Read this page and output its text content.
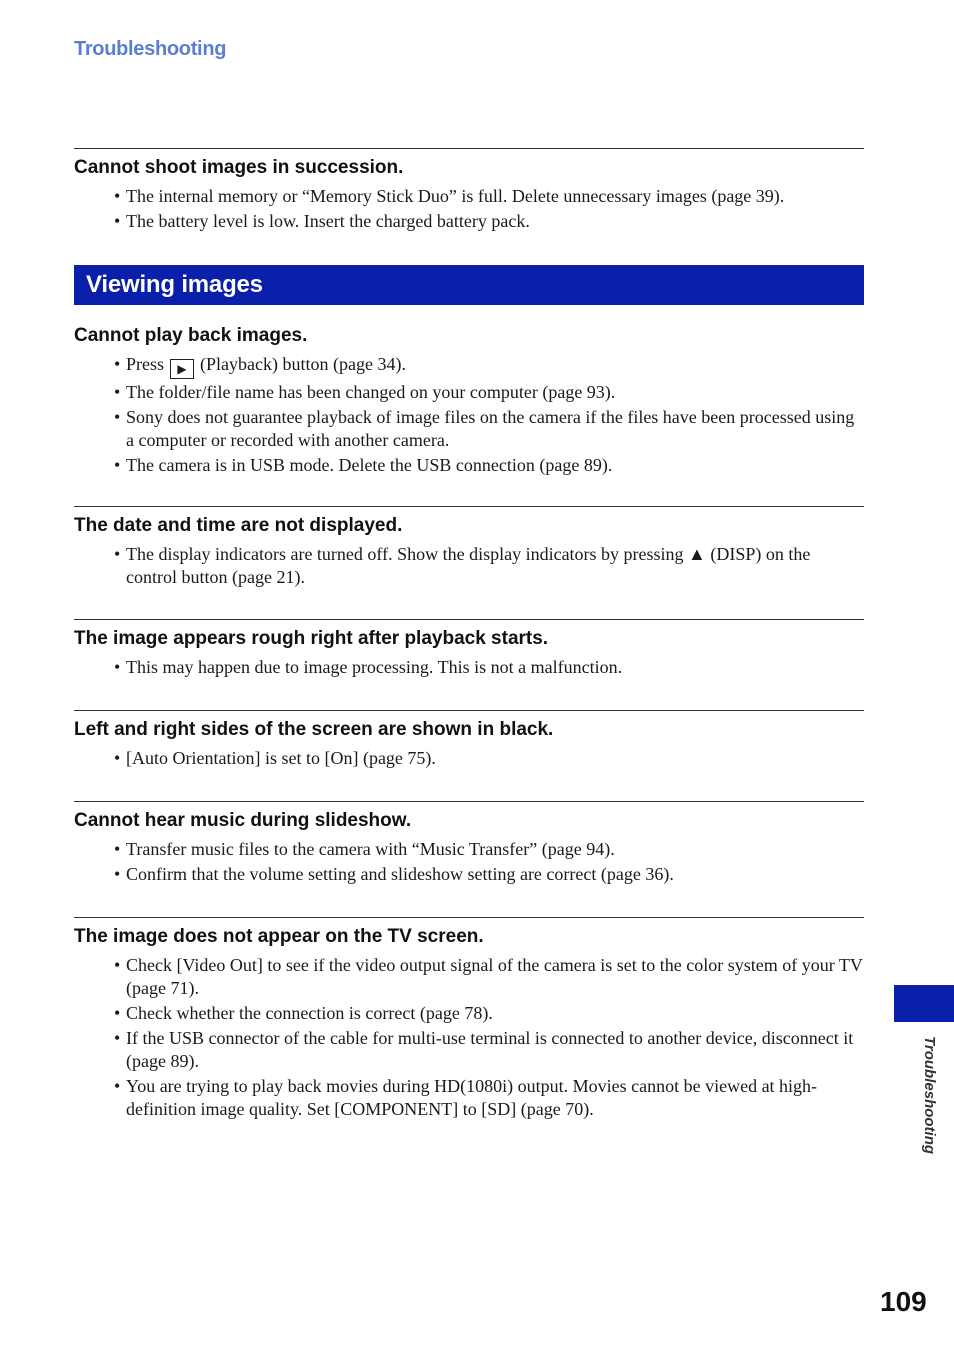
Troubleshooting
Cannot shoot images in succession.
• The internal memory or “Memory Stick Duo” is full. Delete unnecessary images (page 39).
• The battery level is low. Insert the charged battery pack.
Viewing images
Cannot play back images.
• Press ▶ (Playback) button (page 34).
• The folder/file name has been changed on your computer (page 93).
• Sony does not guarantee playback of image files on the camera if the files have been processed using a computer or recorded with another camera.
• The camera is in USB mode. Delete the USB connection (page 89).
The date and time are not displayed.
• The display indicators are turned off. Show the display indicators by pressing ▲ (DISP) on the control button (page 21).
The image appears rough right after playback starts.
• This may happen due to image processing. This is not a malfunction.
Left and right sides of the screen are shown in black.
• [Auto Orientation] is set to [On] (page 75).
Cannot hear music during slideshow.
• Transfer music files to the camera with “Music Transfer” (page 94).
• Confirm that the volume setting and slideshow setting are correct (page 36).
The image does not appear on the TV screen.
• Check [Video Out] to see if the video output signal of the camera is set to the color system of your TV (page 71).
• Check whether the connection is correct (page 78).
• If the USB connector of the cable for multi-use terminal is connected to another device, disconnect it (page 89).
• You are trying to play back movies during HD(1080i) output. Movies cannot be viewed at high-definition image quality. Set [COMPONENT] to [SD] (page 70).	Troubleshooting
109
